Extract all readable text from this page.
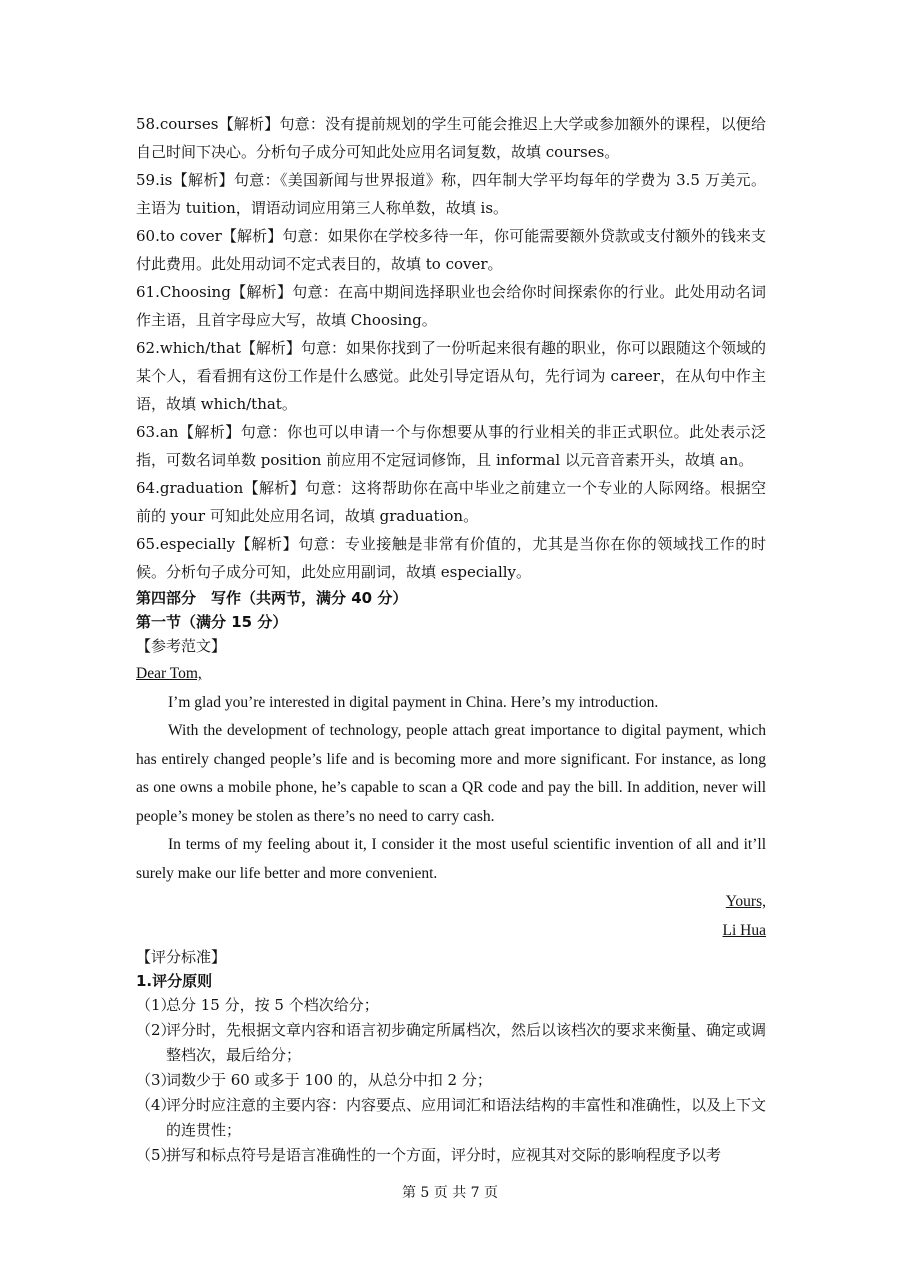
58.courses【解析】句意：没有提前规划的学生可能会推迟上大学或参加额外的课程，以便给自己时间下决心。分析句子成分可知此处应用名词复数，故填 courses。

59.is【解析】句意：《美国新闻与世界报道》称，四年制大学平均每年的学费为 3.5 万美元。主语为 tuition，谓语动词应用第三人称单数，故填 is。

60.to cover【解析】句意：如果你在学校多待一年，你可能需要额外贷款或支付额外的钱来支付此费用。此处用动词不定式表目的，故填 to cover。

61.Choosing【解析】句意：在高中期间选择职业也会给你时间探索你的行业。此处用动名词作主语，且首字母应大写，故填 Choosing。

62.which/that【解析】句意：如果你找到了一份听起来很有趣的职业，你可以跟随这个领域的某个人，看看拥有这份工作是什么感觉。此处引导定语从句，先行词为 career，在从句中作主语，故填 which/that。

63.an【解析】句意：你也可以申请一个与你想要从事的行业相关的非正式职位。此处表示泛指，可数名词单数 position 前应用不定冠词修饰，且 informal 以元音音素开头，故填 an。

64.graduation【解析】句意：这将帮助你在高中毕业之前建立一个专业的人际网络。根据空前的 your 可知此处应用名词，故填 graduation。

65.especially【解析】句意：专业接触是非常有价值的，尤其是当你在你的领域找工作的时候。分析句子成分可知，此处应用副词，故填 especially。

第四部分　写作（共两节，满分 40 分）

第一节（满分 15 分）

【参考范文】

Dear Tom,

I’m glad you’re interested in digital payment in China. Here’s my introduction.

With the development of technology, people attach great importance to digital payment, which has entirely changed people’s life and is becoming more and more significant. For instance, as long as one owns a mobile phone, he’s capable to scan a QR code and pay the bill. In addition, never will people’s money be stolen as there’s no need to carry cash.

In terms of my feeling about it, I consider it the most useful scientific invention of all and it’ll surely make our life better and more convenient.

Yours,

Li Hua

【评分标准】

1.评分原则

（1）
总分 15 分，按 5 个档次给分；
（2）
评分时，先根据文章内容和语言初步确定所属档次，然后以该档次的要求来衡量、确定或调整档次，最后给分；
（3）
词数少于 60 或多于 100 的，从总分中扣 2 分；
（4）
评分时应注意的主要内容：内容要点、应用词汇和语法结构的丰富性和准确性，以及上下文的连贯性；
（5）
拼写和标点符号是语言准确性的一个方面，评分时，应视其对交际的影响程度予以考
第 5 页 共 7 页
